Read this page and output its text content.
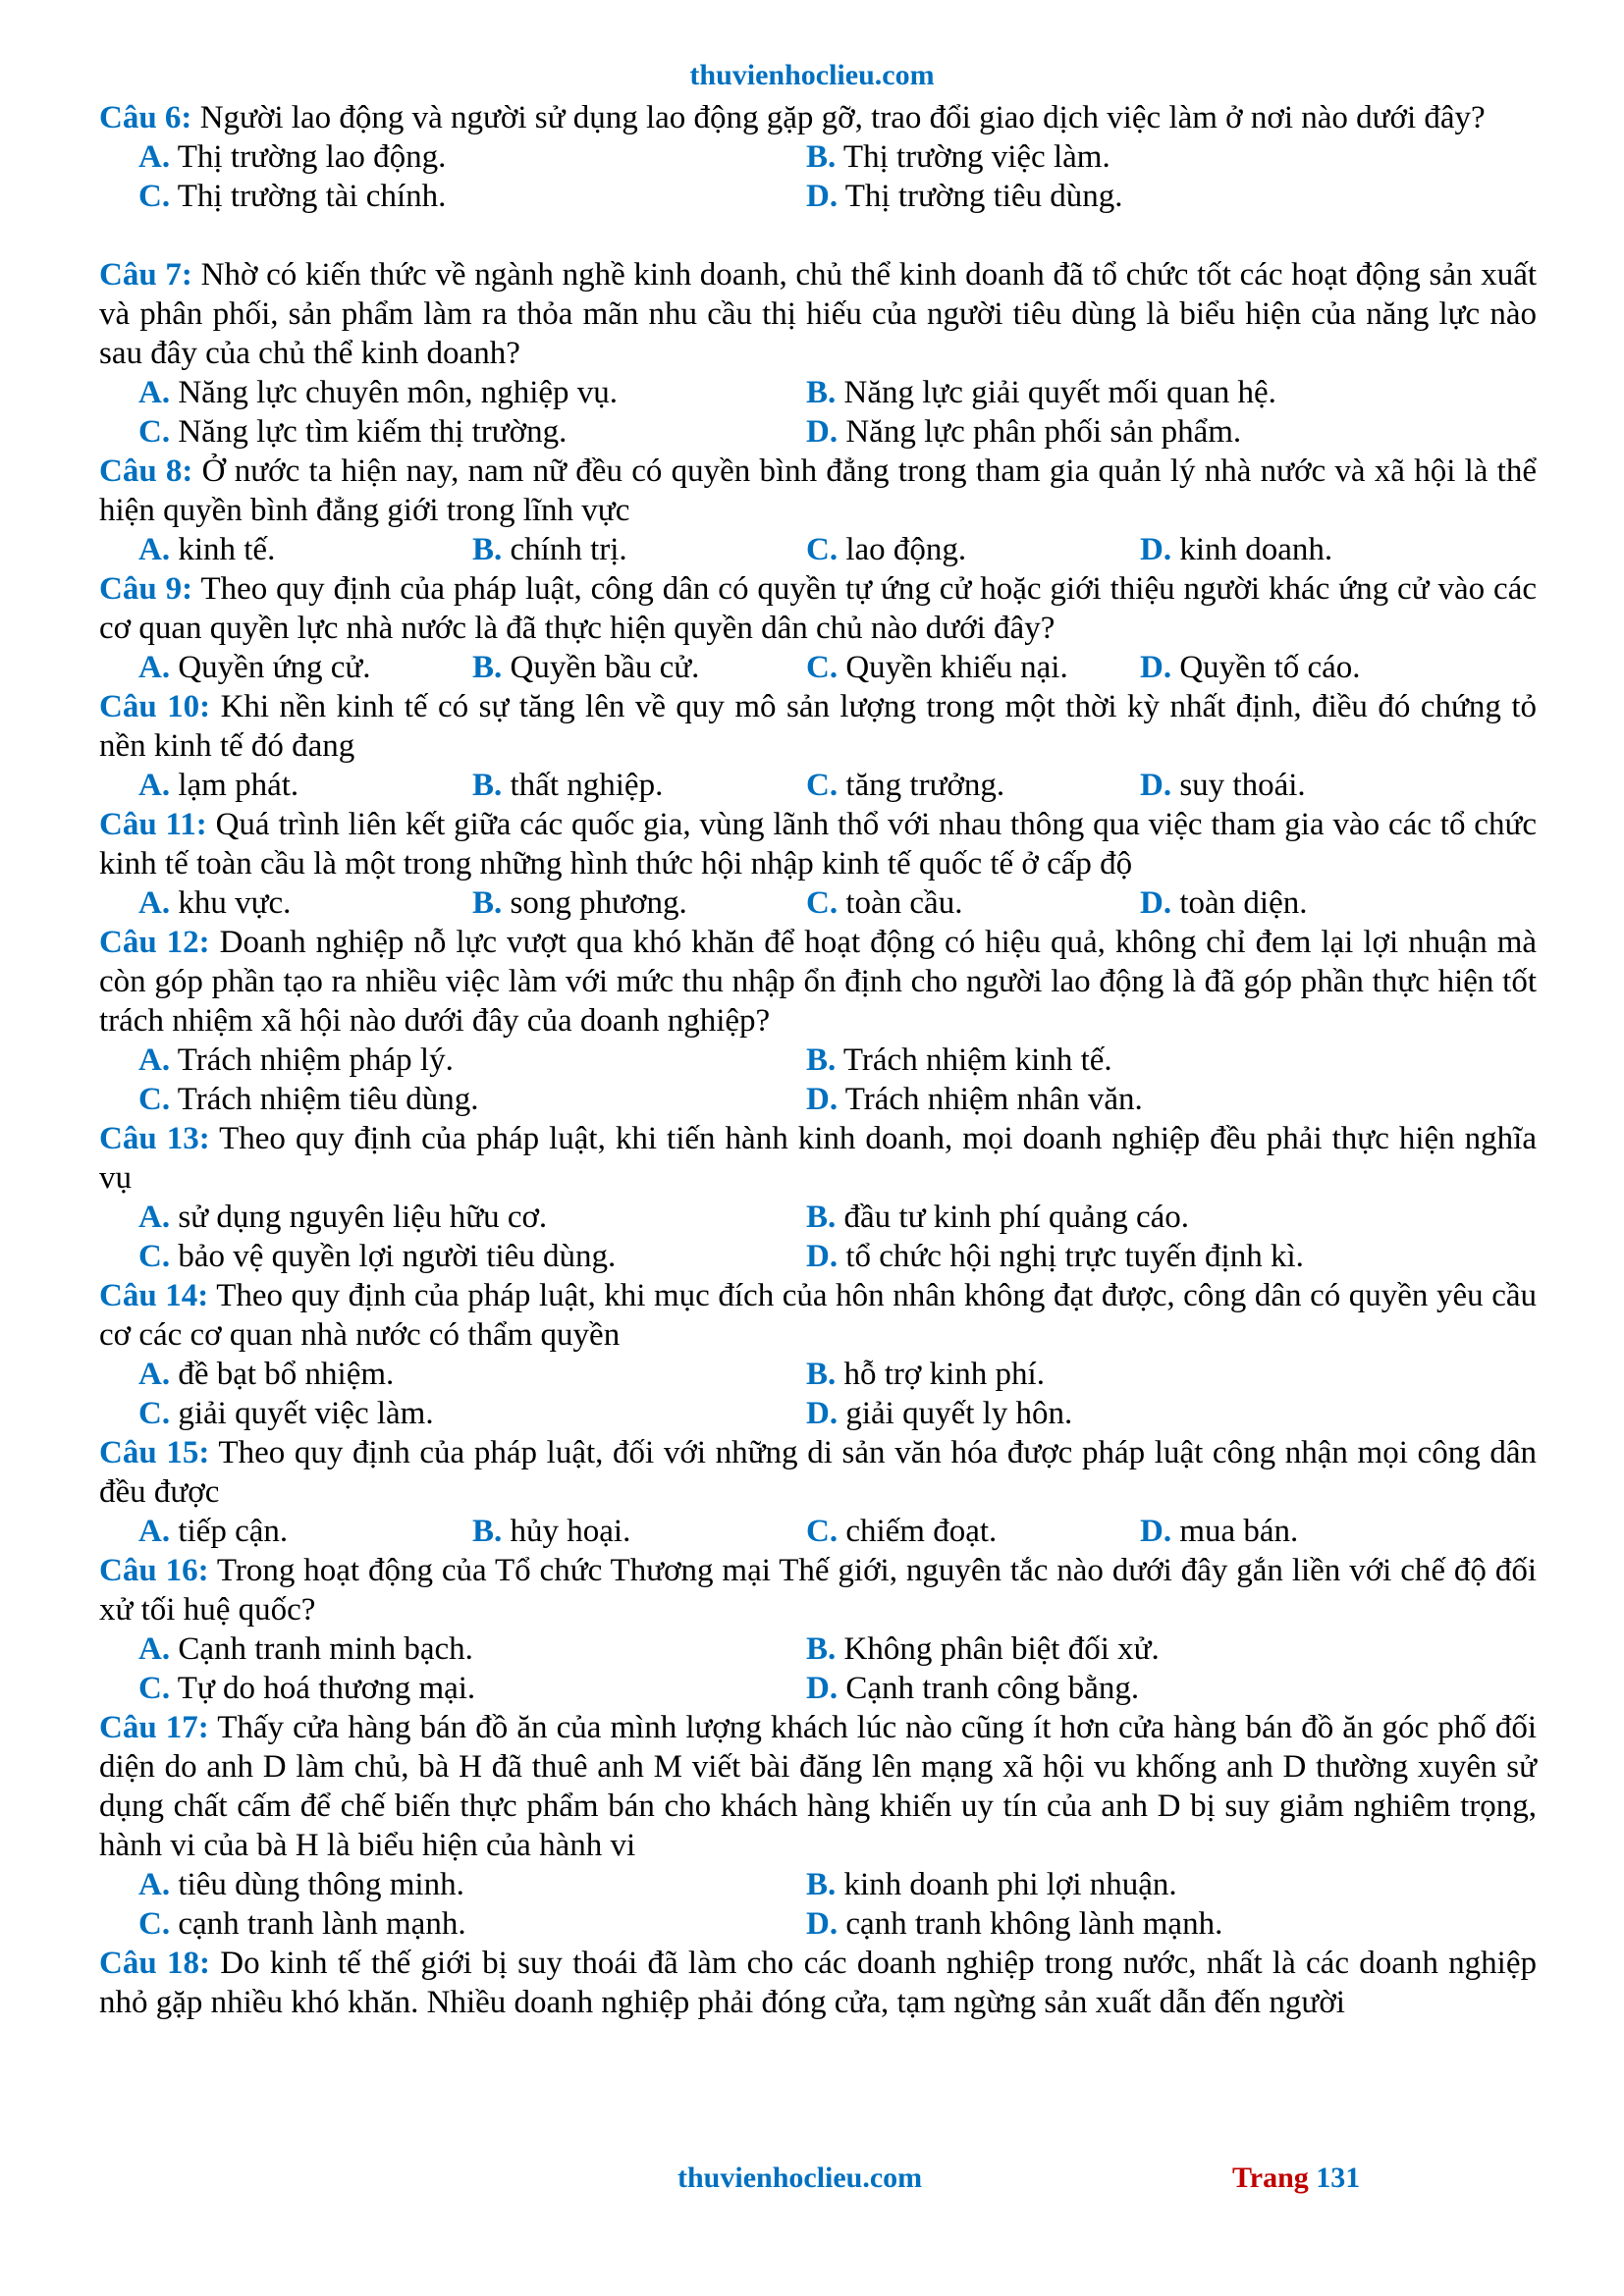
thuvienhoclieu.com
Câu 6: Người lao động và người sử dụng lao động gặp gỡ, trao đổi giao dịch việc làm ở nơi nào dưới đây?
A. Thị trường lao động.	B. Thị trường việc làm.
C. Thị trường tài chính.	D. Thị trường tiêu dùng.
Câu 7: Nhờ có kiến thức về ngành nghề kinh doanh, chủ thể kinh doanh đã tổ chức tốt các hoạt động sản xuất và phân phối, sản phẩm làm ra thỏa mãn nhu cầu thị hiếu của người tiêu dùng là biểu hiện của năng lực nào sau đây của chủ thể kinh doanh?
A. Năng lực chuyên môn, nghiệp vụ.	B. Năng lực giải quyết mối quan hệ.
C. Năng lực tìm kiếm thị trường.	D. Năng lực phân phối sản phẩm.
Câu 8: Ở nước ta hiện nay, nam nữ đều có quyền bình đẳng trong tham gia quản lý nhà nước và xã hội là thể hiện quyền bình đẳng giới trong lĩnh vực
A. kinh tế.	B. chính trị.	C. lao động.	D. kinh doanh.
Câu 9: Theo quy định của pháp luật, công dân có quyền tự ứng cử hoặc giới thiệu người khác ứng cử vào các cơ quan quyền lực nhà nước là đã thực hiện quyền dân chủ nào dưới đây?
A. Quyền ứng cử.	B. Quyền bầu cử.	C. Quyền khiếu nại.	D. Quyền tố cáo.
Câu 10: Khi nền kinh tế có sự tăng lên về quy mô sản lượng trong một thời kỳ nhất định, điều đó chứng tỏ nền kinh tế đó đang
A. lạm phát.	B. thất nghiệp.	C. tăng trưởng.	D. suy thoái.
Câu 11: Quá trình liên kết giữa các quốc gia, vùng lãnh thổ với nhau thông qua việc tham gia vào các tổ chức kinh tế toàn cầu là một trong những hình thức hội nhập kinh tế quốc tế ở cấp độ
A. khu vực.	B. song phương.	C. toàn cầu.	D. toàn diện.
Câu 12: Doanh nghiệp nỗ lực vượt qua khó khăn để hoạt động có hiệu quả, không chỉ đem lại lợi nhuận mà còn góp phần tạo ra nhiều việc làm với mức thu nhập ổn định cho người lao động là đã góp phần thực hiện tốt trách nhiệm xã hội nào dưới đây của doanh nghiệp?
A. Trách nhiệm pháp lý.	B. Trách nhiệm kinh tế.
C. Trách nhiệm tiêu dùng.	D. Trách nhiệm nhân văn.
Câu 13: Theo quy định của pháp luật, khi tiến hành kinh doanh, mọi doanh nghiệp đều phải thực hiện nghĩa vụ
A. sử dụng nguyên liệu hữu cơ.	B. đầu tư kinh phí quảng cáo.
C. bảo vệ quyền lợi người tiêu dùng.	D. tổ chức hội nghị trực tuyến định kì.
Câu 14: Theo quy định của pháp luật, khi mục đích của hôn nhân không đạt được, công dân có quyền yêu cầu cơ các cơ quan nhà nước có thẩm quyền
A. đề bạt bổ nhiệm.	B. hỗ trợ kinh phí.
C. giải quyết việc làm.	D. giải quyết ly hôn.
Câu 15: Theo quy định của pháp luật, đối với những di sản văn hóa được pháp luật công nhận mọi công dân đều được
A. tiếp cận.	B. hủy hoại.	C. chiếm đoạt.	D. mua bán.
Câu 16: Trong hoạt động của Tổ chức Thương mại Thế giới, nguyên tắc nào dưới đây gắn liền với chế độ đối xử tối huệ quốc?
A. Cạnh tranh minh bạch.	B. Không phân biệt đối xử.
C. Tự do hoá thương mại.	D. Cạnh tranh công bằng.
Câu 17: Thấy cửa hàng bán đồ ăn của mình lượng khách lúc nào cũng ít hơn cửa hàng bán đồ ăn góc phố đối diện do anh D làm chủ, bà H đã thuê anh M viết bài đăng lên mạng xã hội vu khống anh D thường xuyên sử dụng chất cấm để chế biến thực phẩm bán cho khách hàng khiến uy tín của anh D bị suy giảm nghiêm trọng, hành vi của bà H là biểu hiện của hành vi
A. tiêu dùng thông minh.	B. kinh doanh phi lợi nhuận.
C. cạnh tranh lành mạnh.	D. cạnh tranh không lành mạnh.
Câu 18: Do kinh tế thế giới bị suy thoái đã làm cho các doanh nghiệp trong nước, nhất là các doanh nghiệp nhỏ gặp nhiều khó khăn. Nhiều doanh nghiệp phải đóng cửa, tạm ngừng sản xuất dẫn đến người
thuvienhoclieu.com	Trang 131
